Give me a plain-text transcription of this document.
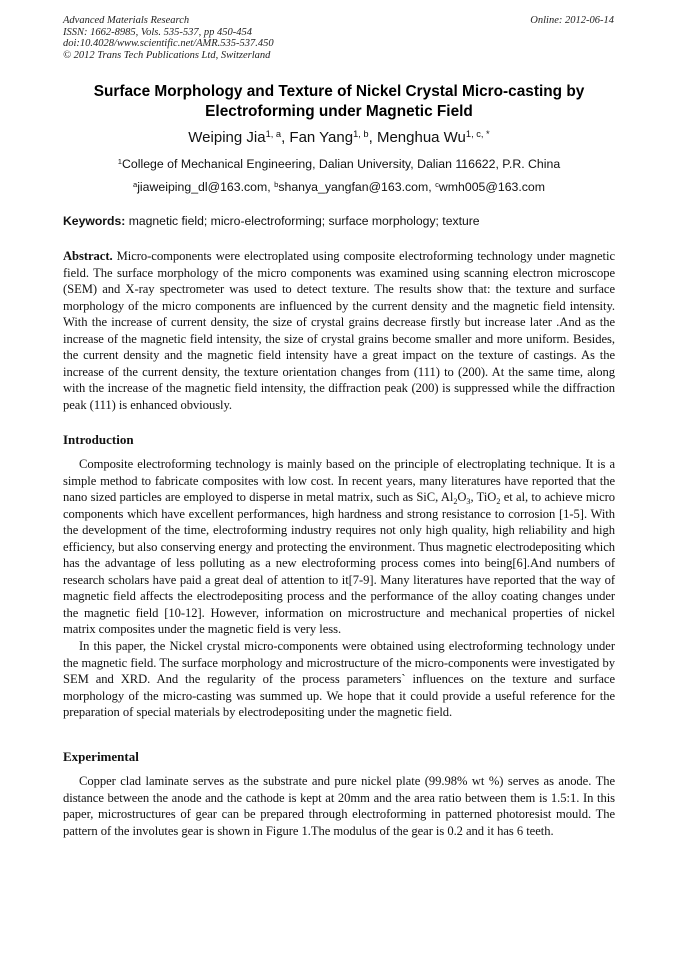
Advanced Materials Research
ISSN: 1662-8985, Vols. 535-537, pp 450-454
doi:10.4028/www.scientific.net/AMR.535-537.450
© 2012 Trans Tech Publications Ltd, Switzerland
Online: 2012-06-14
Surface Morphology and Texture of Nickel Crystal Micro-casting by
Electroforming under Magnetic Field
Weiping Jia$^{1, a}$, Fan Yang$^{1, b}$, Menghua $Wu^{1, c, *}$
$^1$College of Mechanical Engineering, Dalian University, Dalian 116622, P.R. China
$^a$jiaweiping_dl@163.com, $^b$shanya_yangfan@163.com, $^c$wmh005@163.com
Keywords: magnetic field; micro-electroforming; surface morphology; texture

Abstract. Micro-components were electroplated using composite electroforming technology under magnetic field. The surface morphology of the micro components was examined using scanning electron microscope (SEM) and X-ray spectrometer was used to detect texture. The results show that: the texture and surface morphology of the micro components are influenced by the current density and the magnetic field intensity. With the increase of current density, the size of crystal grains decrease firstly but increase later .And as the increase of the magnetic field intensity, the size of crystal grains become smaller and more uniform. Besides, the current density and the magnetic field intensity have a great impact on the texture of castings. As the increase of the current density, the texture orientation changes from (111) to (200). At the same time, along with the increase of the magnetic field intensity, the diffraction peak (200) is suppressed while the diffraction peak (111) is enhanced obviously.

Introduction

Composite electroforming technology is mainly based on the principle of electroplating technique. It is a simple method to fabricate composites with low cost. In recent years, many literatures have reported that the nano sized particles are employed to disperse in metal matrix, such as SiC, $Al_2O_3$, TiO$_2$ et al, to achieve micro components which have excellent performances, high hardness and strong resistance to corrosion [1-5]. With the development of the time, electroforming industry requires not only high quality, high reliability and high efficiency, but also conserving energy and protecting the environment. Thus magnetic electrodepositing which has the advantage of less polluting as a new electroforming process comes into being[6].And numbers of research scholars have paid a great deal of attention to it[7-9]. Many literatures have reported that the way of magnetic field affects the electrodepositing process and the performance of the alloy coating changes under the magnetic field [10-12]. However, information on microstructure and mechanical properties of nickel matrix composites under the magnetic field is very less.

In this paper, the Nickel crystal micro-components were obtained using electroforming technology under the magnetic field. The surface morphology and microstructure of the micro-components were investigated by SEM and XRD. And the regularity of the process parameters` influences on the texture and surface morphology of the micro-casting was summed up. We hope that it could provide a useful reference for the preparation of special materials by electrodepositing under the magnetic field.

Experimental

Copper clad laminate serves as the substrate and pure nickel plate (99.98% wt %) serves as anode. The distance between the anode and the cathode is kept at 20mm and the area ratio between them is 1.5:1. In this paper, microstructures of gear can be prepared through electroforming in patterned photoresist mould. The pattern of the involutes gear is shown in Figure 1.The modulus of the gear is 0.2 and it has 6 teeth.
